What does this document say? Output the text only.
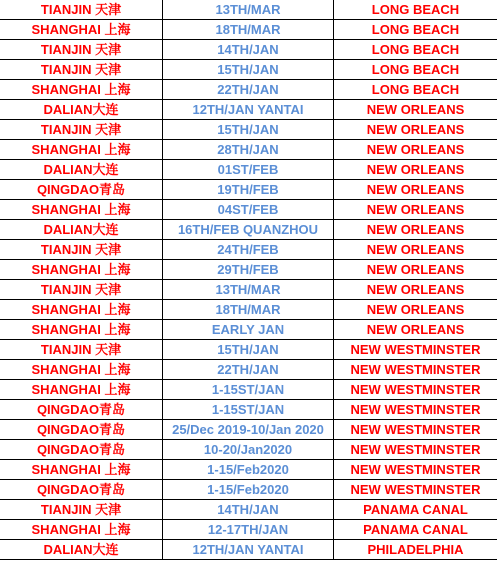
TIANJIN 天津	13TH/MAR	LONG BEACH
SHANGHAI 上海	18TH/MAR	LONG BEACH
TIANJIN 天津	14TH/JAN	LONG BEACH
TIANJIN 天津	15TH/JAN	LONG BEACH
SHANGHAI 上海	22TH/JAN	LONG BEACH
DALIAN大连	12TH/JAN YANTAI	NEW ORLEANS
TIANJIN 天津	15TH/JAN	NEW ORLEANS
SHANGHAI 上海	28TH/JAN	NEW ORLEANS
DALIAN大连	01ST/FEB	NEW ORLEANS
QINGDAO青岛	19TH/FEB	NEW ORLEANS
SHANGHAI 上海	04ST/FEB	NEW ORLEANS
DALIAN大连	16TH/FEB QUANZHOU	NEW ORLEANS
TIANJIN 天津	24TH/FEB	NEW ORLEANS
SHANGHAI 上海	29TH/FEB	NEW ORLEANS
TIANJIN 天津	13TH/MAR	NEW ORLEANS
SHANGHAI 上海	18TH/MAR	NEW ORLEANS
SHANGHAI 上海	EARLY JAN	NEW ORLEANS
TIANJIN 天津	15TH/JAN	NEW WESTMINSTER
SHANGHAI 上海	22TH/JAN	NEW WESTMINSTER
SHANGHAI 上海	1-15ST/JAN	NEW WESTMINSTER
QINGDAO青岛	1-15ST/JAN	NEW WESTMINSTER
QINGDAO青岛	25/Dec 2019-10/Jan 2020	NEW WESTMINSTER
QINGDAO青岛	10-20/Jan2020	NEW WESTMINSTER
SHANGHAI 上海	1-15/Feb2020	NEW WESTMINSTER
QINGDAO青岛	1-15/Feb2020	NEW WESTMINSTER
TIANJIN 天津	14TH/JAN	PANAMA CANAL
SHANGHAI 上海	12-17TH/JAN	PANAMA CANAL
DALIAN大连	12TH/JAN YANTAI	PHILADELPHIA
